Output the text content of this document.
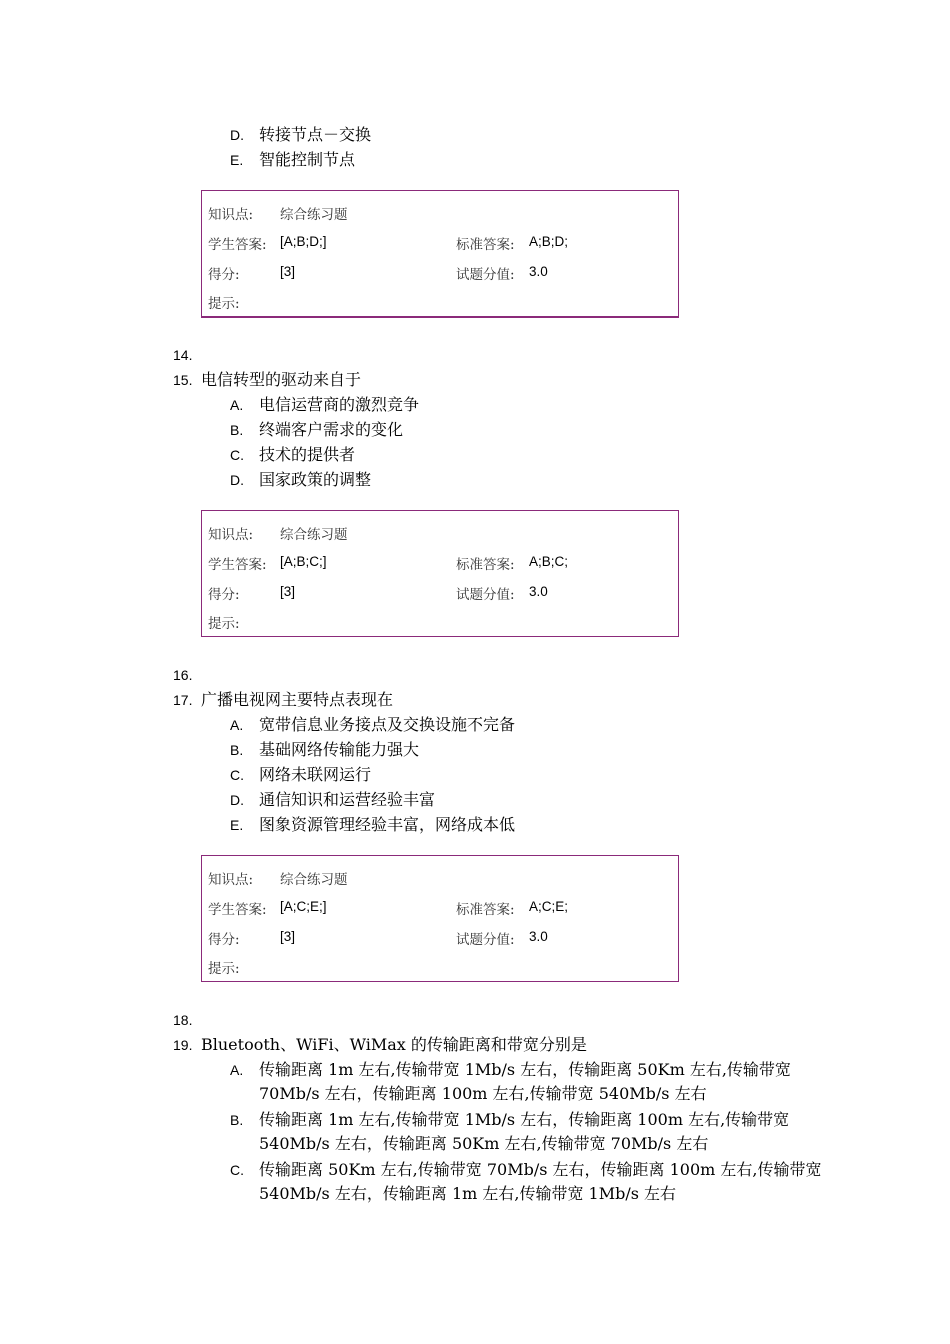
D. 转接节点－交换
E. 智能控制节点
知识点: 综合练习题
学生答案: [A;B;D;]	标准答案: A;B;D;
得分:	[3]	试题分值: 3.0
提示:
14.
15. 电信转型的驱动来自于
A. 电信运营商的激烈竞争
B. 终端客户需求的变化
C. 技术的提供者
D. 国家政策的调整
知识点: 综合练习题
学生答案: [A;B;C;]	标准答案: A;B;C;
得分:	[3]	试题分值: 3.0
提示:
16.
17. 广播电视网主要特点表现在
A. 宽带信息业务接点及交换设施不完备
B. 基础网络传输能力强大
C. 网络未联网运行
D. 通信知识和运营经验丰富
E. 图象资源管理经验丰富，网络成本低
知识点: 综合练习题
学生答案: [A;C;E;]	标准答案: A;C;E;
得分:	[3]	试题分值: 3.0
提示:
18.
19. Bluetooth、WiFi、WiMax 的传输距离和带宽分别是
A. 传输距离 1m 左右,传输带宽 1Mb/s 左右，传输距离 50Km 左右,传输带宽
70Mb/s 左右，传输距离 100m 左右,传输带宽 540Mb/s 左右
B. 传输距离 1m 左右,传输带宽 1Mb/s 左右，传输距离 100m 左右,传输带宽
540Mb/s 左右，传输距离 50Km 左右,传输带宽 70Mb/s 左右
C. 传输距离 50Km 左右,传输带宽 70Mb/s 左右，传输距离 100m 左右,传输带宽
540Mb/s 左右，传输距离 1m 左右,传输带宽 1Mb/s 左右
